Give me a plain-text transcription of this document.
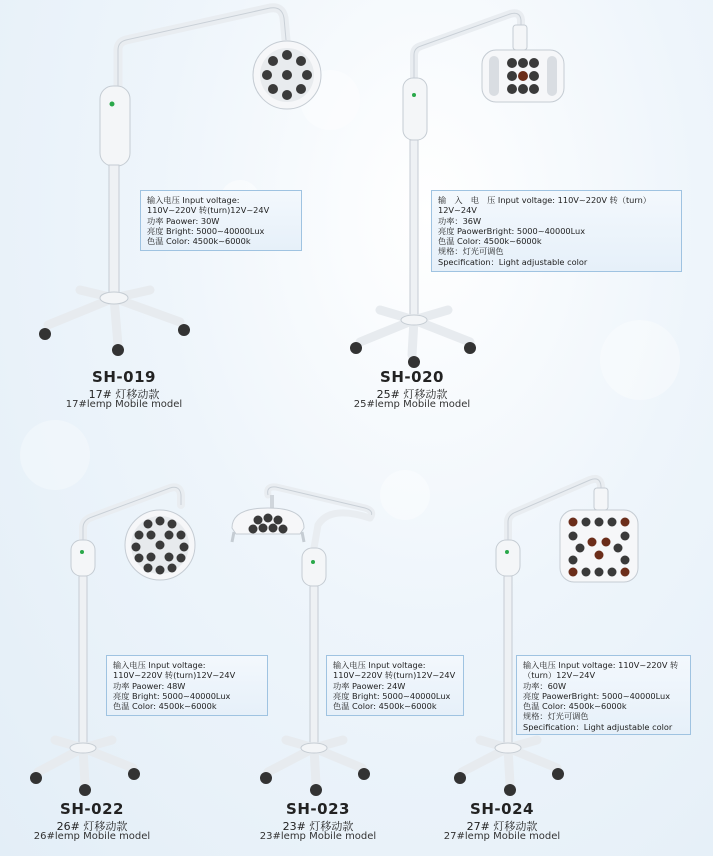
输入电压 Input voltage:
110V~220V 转(turn)12V~24V
功率 Paower: 30W
亮度 Bright: 5000~40000Lux
色温 Color: 4500k~6000k
SH-019
17# 灯移动款
17#lemp Mobile model
输　入　电　压 Input voltage: 110V~220V 转（turn）
12V~24V
功率：36W
亮度 PaowerBright: 5000~40000Lux
色温 Color: 4500k~6000k
规格：灯光可调色
Specification：Light adjustable color
SH-020
25# 灯移动款
25#lemp Mobile model
输入电压 Input voltage:
110V~220V 转(turn)12V~24V
功率 Paower: 48W
亮度 Bright: 5000~40000Lux
色温 Color: 4500k~6000k
SH-022
26# 灯移动款
26#lemp Mobile model
输入电压 Input voltage:
110V~220V 转(turn)12V~24V
功率 Paower: 24W
亮度 Bright: 5000~40000Lux
色温 Color: 4500k~6000k
SH-023
23# 灯移动款
23#lemp Mobile model
输入电压 Input voltage: 110V~220V 转
（turn）12V~24V
功率：60W
亮度 PaowerBright: 5000~40000Lux
色温 Color: 4500k~6000k
规格：灯光可调色
Specification：Light adjustable color
SH-024
27# 灯移动款
27#lemp Mobile model
